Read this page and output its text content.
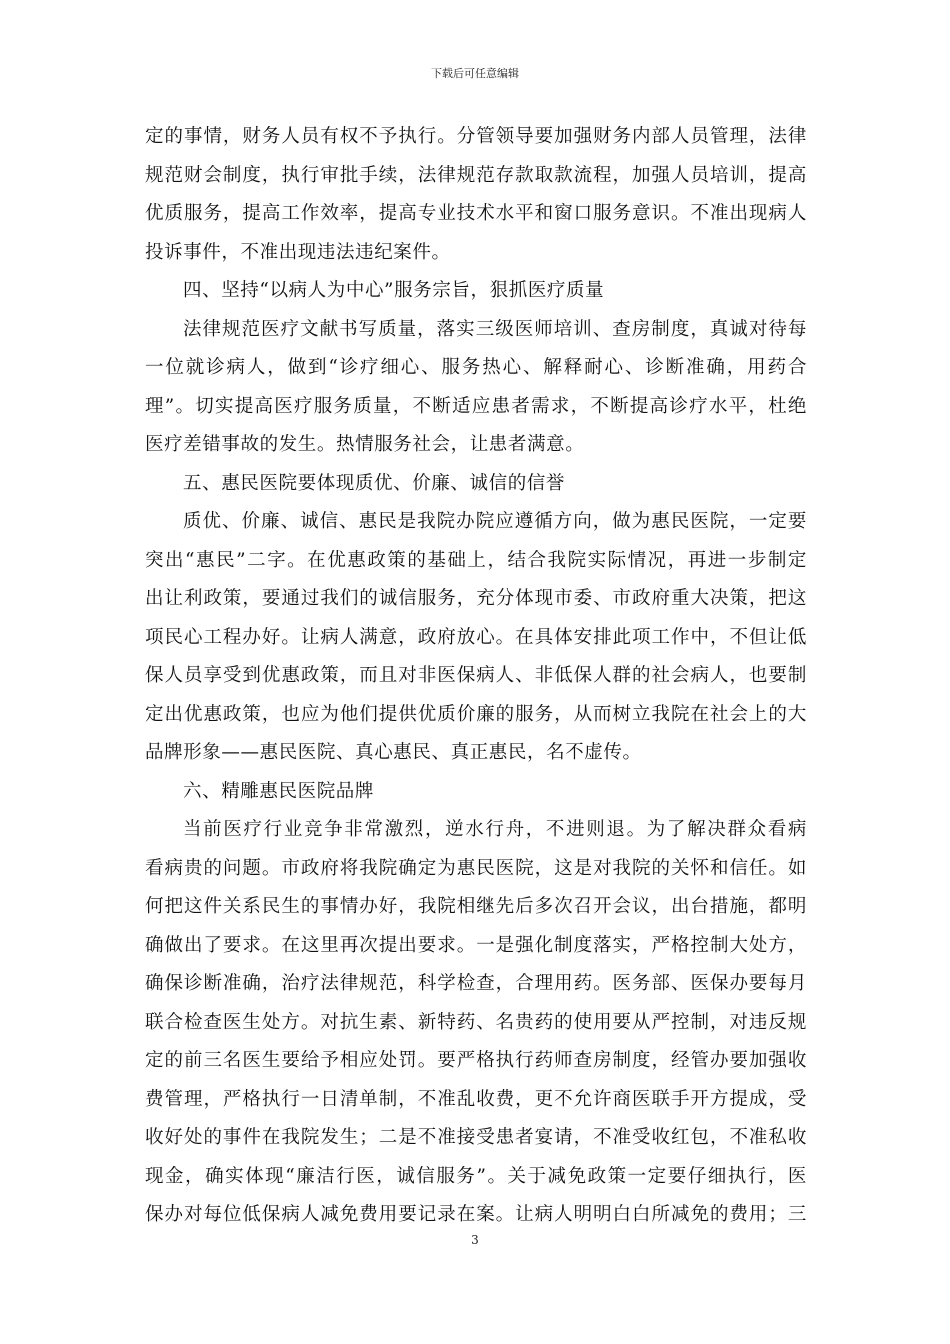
下载后可任意编辑
定的事情，财务人员有权不予执行。分管领导要加强财务内部人员管理，法律
规范财会制度，执行审批手续，法律规范存款取款流程，加强人员培训，提高
优质服务，提高工作效率，提高专业技术水平和窗口服务意识。不准出现病人
投诉事件，不准出现违法违纪案件。
四、坚持“以病人为中心”服务宗旨，狠抓医疗质量
法律规范医疗文献书写质量，落实三级医师培训、查房制度，真诚对待每
一位就诊病人，做到“诊疗细心、服务热心、解释耐心、诊断准确，用药合
理”。切实提高医疗服务质量，不断适应患者需求，不断提高诊疗水平，杜绝
医疗差错事故的发生。热情服务社会，让患者满意。
五、惠民医院要体现质优、价廉、诚信的信誉
质优、价廉、诚信、惠民是我院办院应遵循方向，做为惠民医院，一定要
突出“惠民”二字。在优惠政策的基础上，结合我院实际情况，再进一步制定
出让利政策，要通过我们的诚信服务，充分体现市委、市政府重大决策，把这
项民心工程办好。让病人满意，政府放心。在具体安排此项工作中，不但让低
保人员享受到优惠政策，而且对非医保病人、非低保人群的社会病人，也要制
定出优惠政策，也应为他们提供优质价廉的服务，从而树立我院在社会上的大
品牌形象——惠民医院、真心惠民、真正惠民，名不虚传。
六、精雕惠民医院品牌
当前医疗行业竞争非常激烈，逆水行舟，不进则退。为了解决群众看病
看病贵的问题。市政府将我院确定为惠民医院，这是对我院的关怀和信任。如
何把这件关系民生的事情办好，我院相继先后多次召开会议，出台措施，都明
确做出了要求。在这里再次提出要求。一是强化制度落实，严格控制大处方，
确保诊断准确，治疗法律规范，科学检查，合理用药。医务部、医保办要每月
联合检查医生处方。对抗生素、新特药、名贵药的使用要从严控制，对违反规
定的前三名医生要给予相应处罚。要严格执行药师查房制度，经管办要加强收
费管理，严格执行一日清单制，不准乱收费，更不允许商医联手开方提成，受
收好处的事件在我院发生；二是不准接受患者宴请，不准受收红包，不准私收
现金，确实体现“廉洁行医，诚信服务”。关于减免政策一定要仔细执行，医
保办对每位低保病人减免费用要记录在案。让病人明明白白所减免的费用；三
3
